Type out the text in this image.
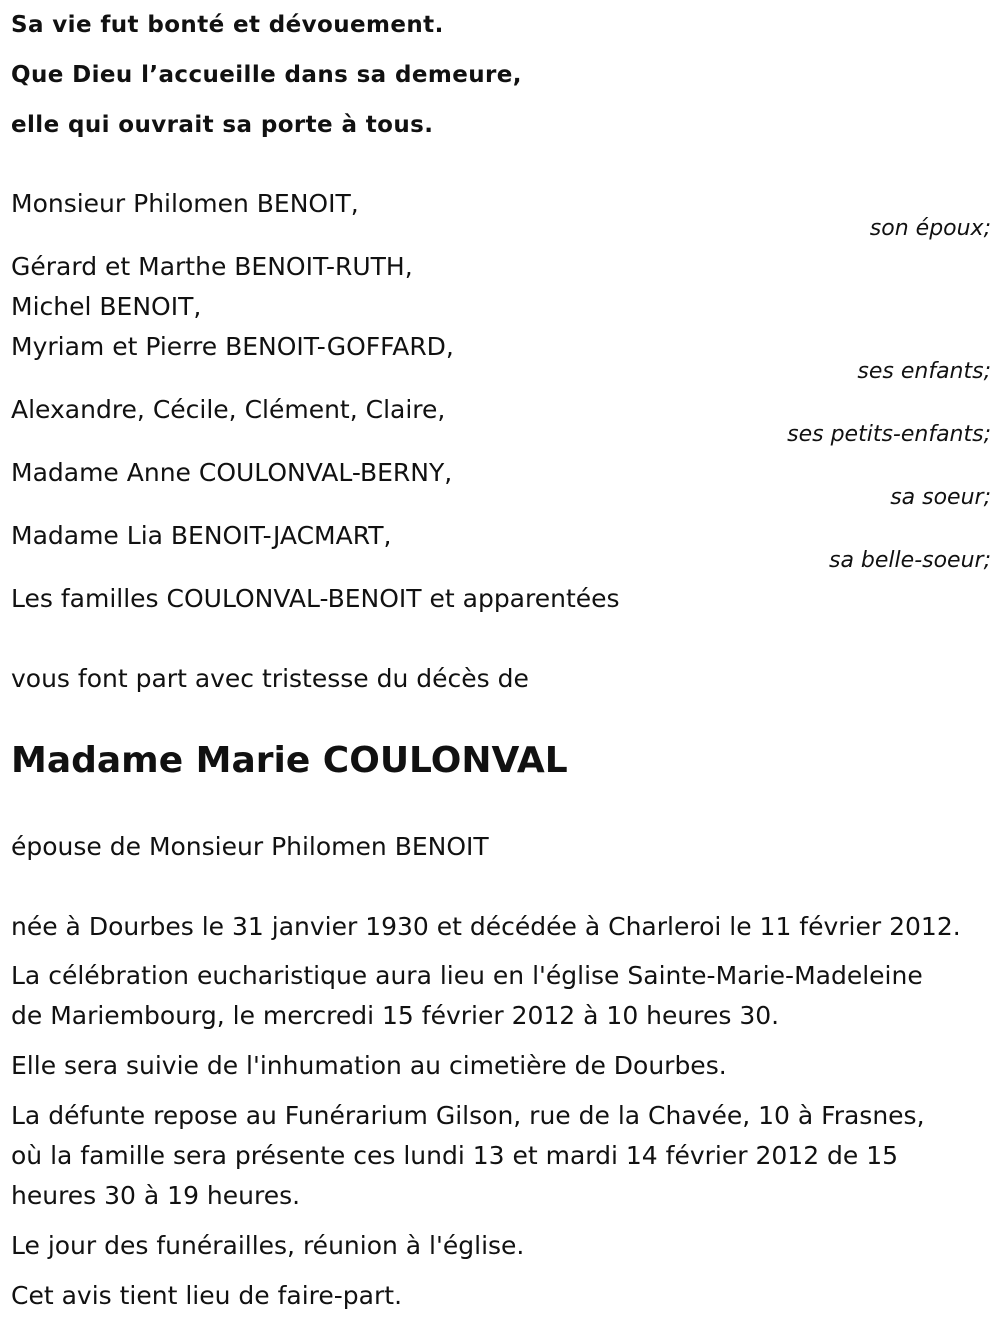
Sa vie fut bonté et dévouement.
Que Dieu l’accueille dans sa demeure,
elle qui ouvrait sa porte à tous.
Monsieur Philomen BENOIT,
son époux;
Gérard et Marthe BENOIT-RUTH,
Michel BENOIT,
Myriam et Pierre BENOIT-GOFFARD,
ses enfants;
Alexandre, Cécile, Clément, Claire,
ses petits-enfants;
Madame Anne COULONVAL-BERNY,
sa soeur;
Madame Lia BENOIT-JACMART,
sa belle-soeur;
Les familles COULONVAL-BENOIT et apparentées
vous font part avec tristesse du décès de
Madame Marie COULONVAL
épouse de Monsieur Philomen BENOIT
née à Dourbes le 31 janvier 1930 et décédée à Charleroi le 11 février 2012.
La célébration eucharistique aura lieu en l'église Sainte-Marie-Madeleine
de Mariembourg, le mercredi 15 février 2012 à 10 heures 30.
Elle sera suivie de l'inhumation au cimetière de Dourbes.
La défunte repose au Funérarium Gilson, rue de la Chavée, 10 à Frasnes,
où la famille sera présente ces lundi 13 et mardi 14 février 2012 de 15
heures 30 à 19 heures.
Le jour des funérailles, réunion à l'église.
Cet avis tient lieu de faire-part.
